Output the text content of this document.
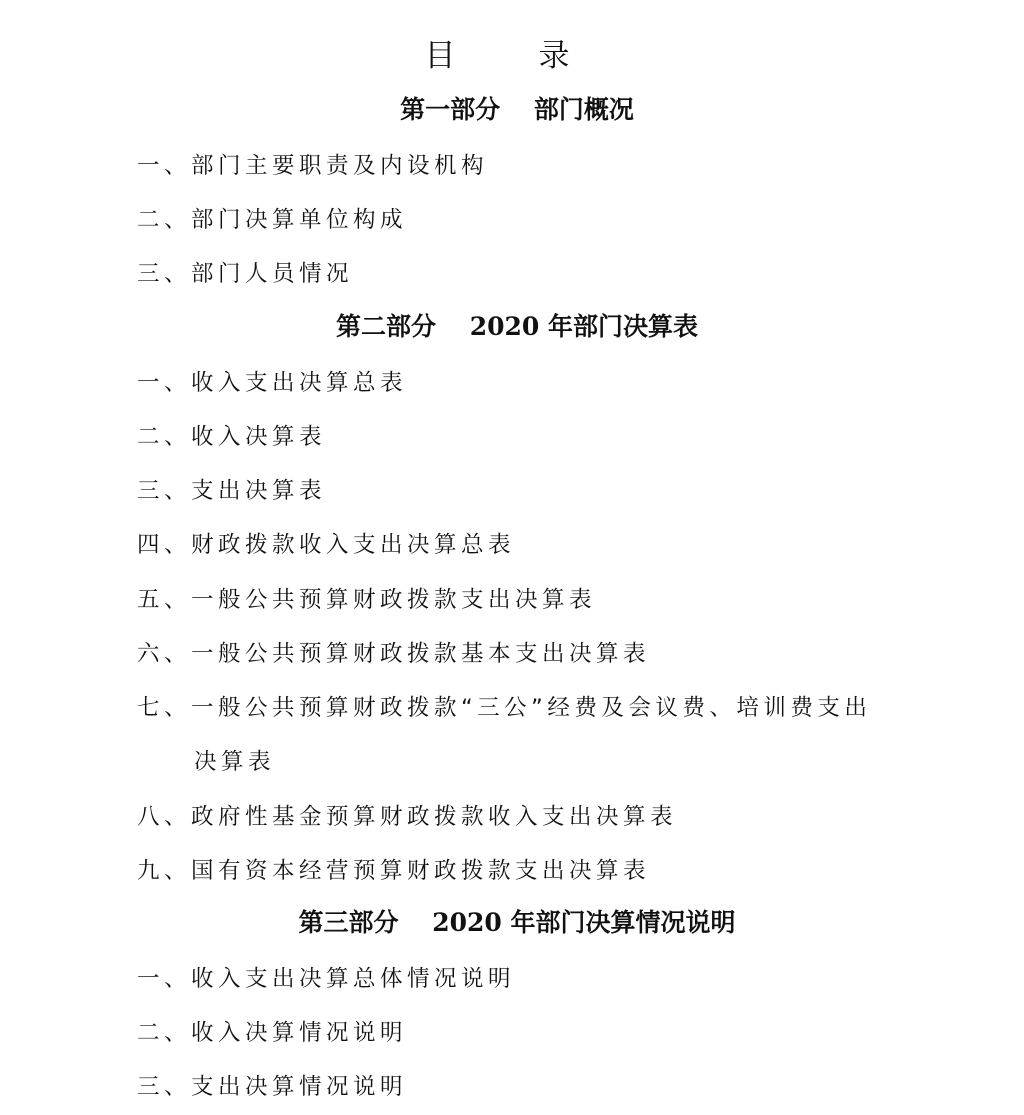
目　录
第一部分　 部门概况
一、部门主要职责及内设机构
二、部门决算单位构成
三、部门人员情况
第二部分　 2020 年部门决算表
一、收入支出决算总表
二、收入决算表
三、支出决算表
四、财政拨款收入支出决算总表
五、一般公共预算财政拨款支出决算表
六、一般公共预算财政拨款基本支出决算表
七、一般公共预算财政拨款“三公”经费及会议费、培训费支出
决算表
八、政府性基金预算财政拨款收入支出决算表
九、国有资本经营预算财政拨款支出决算表
第三部分　 2020 年部门决算情况说明
一、收入支出决算总体情况说明
二、收入决算情况说明
三、支出决算情况说明
